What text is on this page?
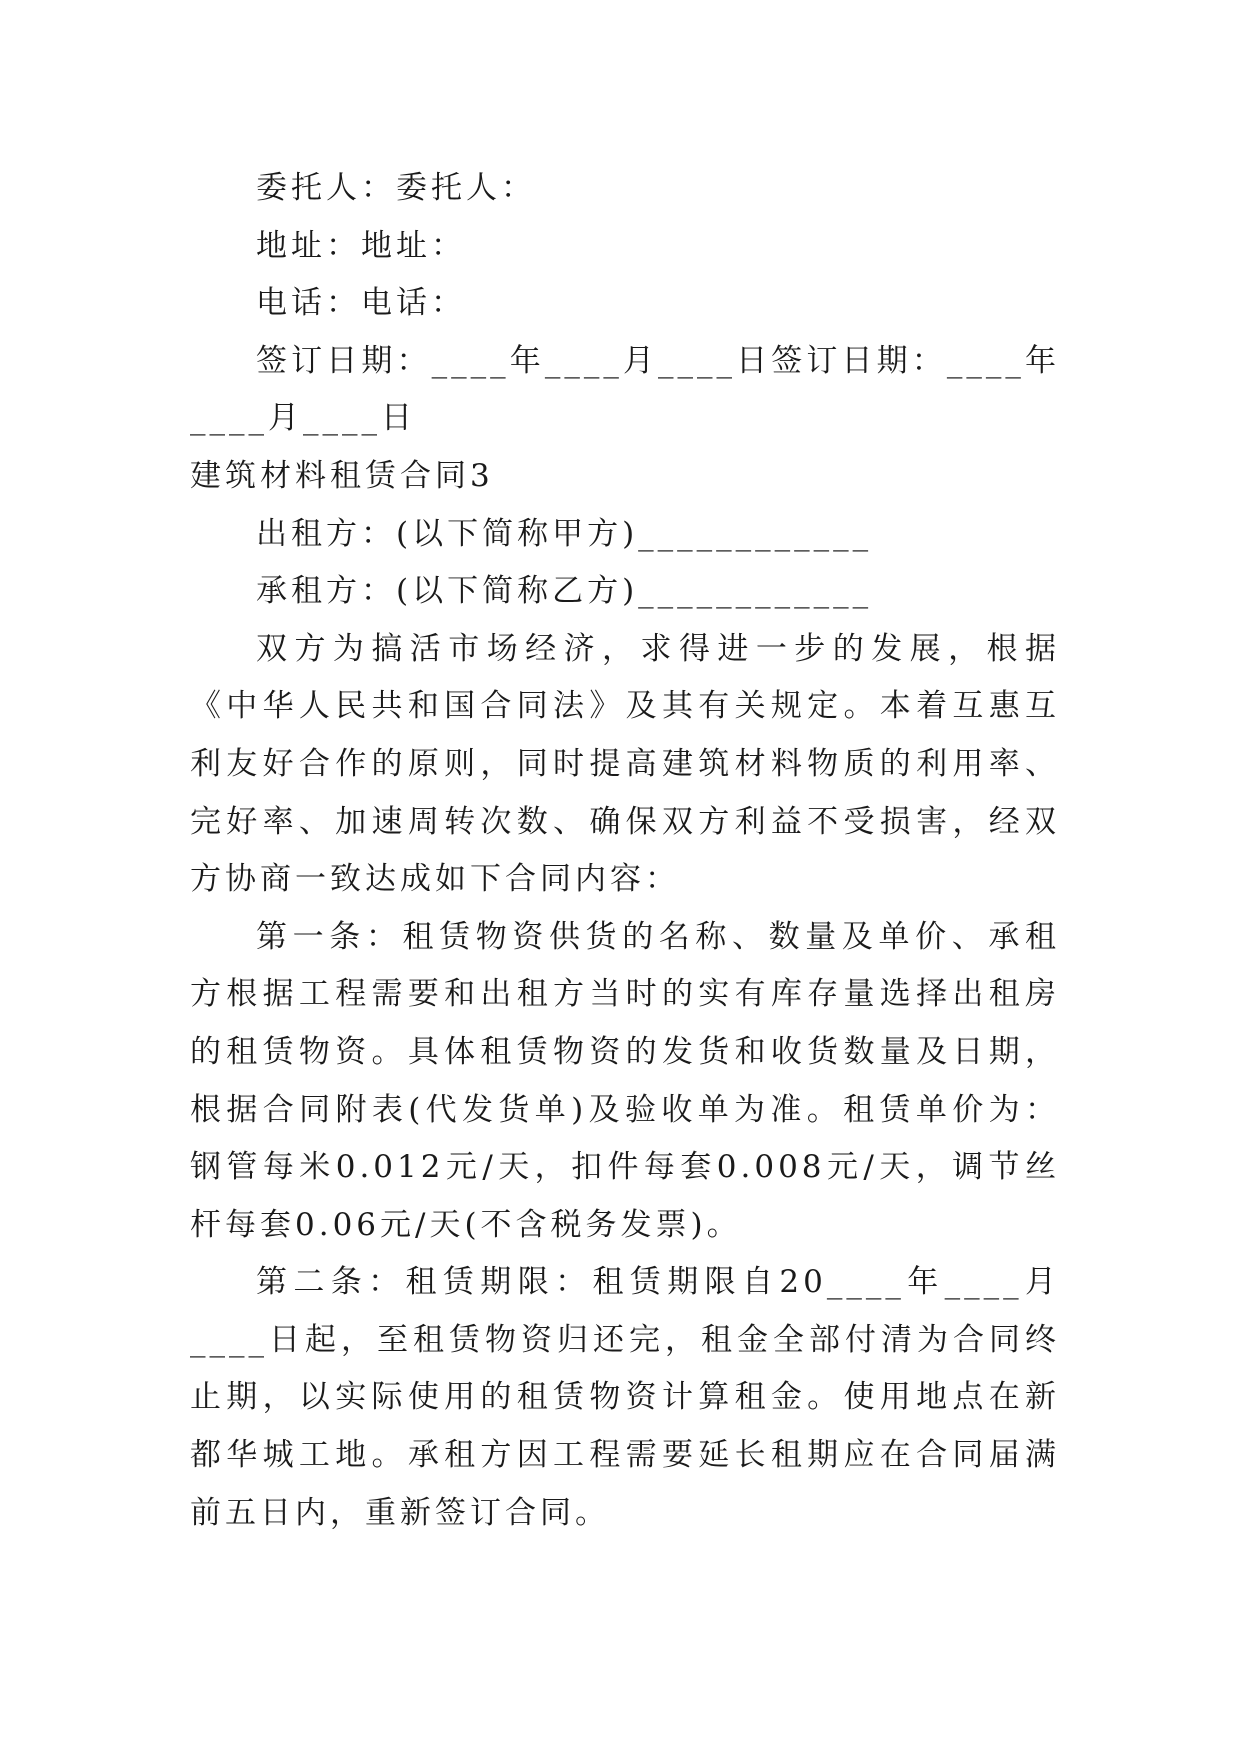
委托人：委托人：

地址：地址：

电话：电话：

签订日期：____年____月____日签订日期：____年____月____日

建筑材料租赁合同3

出租方：(以下简称甲方)____________

承租方：(以下简称乙方)____________

双方为搞活市场经济，求得进一步的发展，根据《中华人民共和国合同法》及其有关规定。本着互惠互利友好合作的原则，同时提高建筑材料物质的利用率、完好率、加速周转次数、确保双方利益不受损害，经双方协商一致达成如下合同内容：

第一条：租赁物资供货的名称、数量及单价、承租方根据工程需要和出租方当时的实有库存量选择出租房的租赁物资。具体租赁物资的发货和收货数量及日期，根据合同附表(代发货单)及验收单为准。租赁单价为：钢管每米0.012元/天，扣件每套0.008元/天，调节丝杆每套0.06元/天(不含税务发票)。

第二条：租赁期限：租赁期限自20____年____月____日起，至租赁物资归还完，租金全部付清为合同终止期，以实际使用的租赁物资计算租金。使用地点在新都华城工地。承租方因工程需要延长租期应在合同届满前五日内，重新签订合同。
